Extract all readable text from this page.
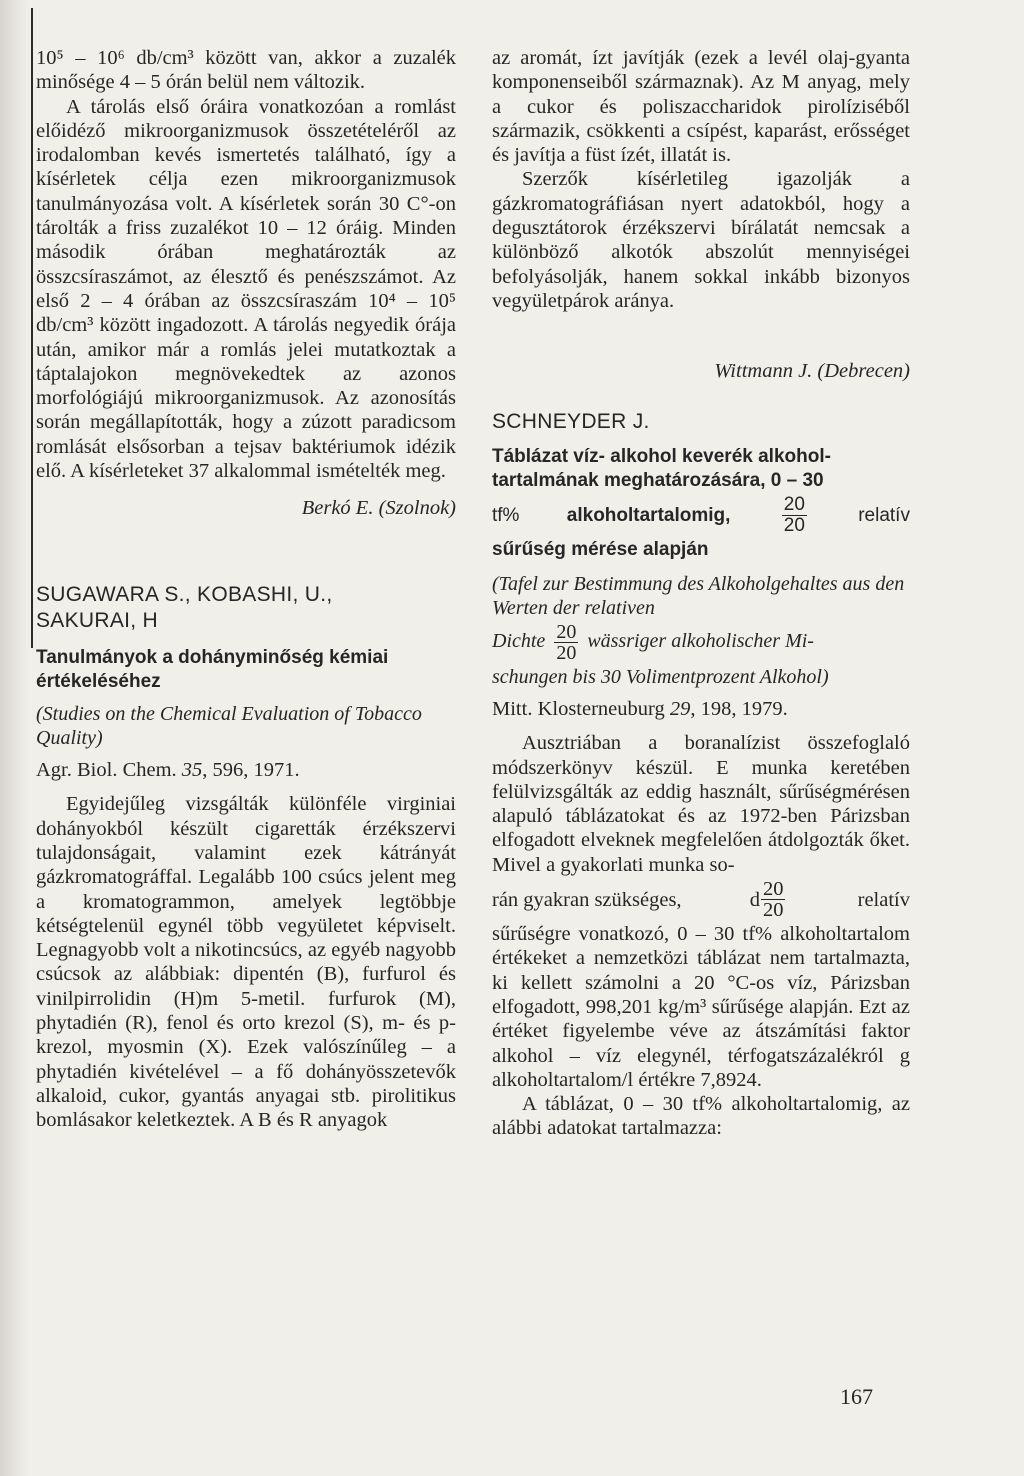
10⁵ – 10⁶ db/cm³ között van, akkor a zuzalék minősége 4 – 5 órán belül nem változik.

A tárolás első óráira vonatkozóan a romlást előidéző mikroorganizmusok összetételéről az irodalomban kevés ismertetés található, így a kísérletek célja ezen mikroorganizmusok tanulmányozása volt. A kísérletek során 30 C°-on tárolták a friss zuzalékot 10 – 12 óráig. Minden második órában meghatározták az összcsíraszámot, az élesztő és penészszámot. Az első 2 – 4 órában az összcsíraszám 10⁴ – 10⁵ db/cm³ között ingadozott. A tárolás negyedik órája után, amikor már a romlás jelei mutatkoztak a táptalajokon megnövekedtek az azonos morfológiájú mikroorganizmusok. Az azonosítás során megállapították, hogy a zúzott paradicsom romlását elsősorban a tejsav baktériumok idézik elő. A kísérleteket 37 alkalommal ismételték meg.

Berkó E. (Szolnok)
SUGAWARA S., KOBASHI, U.,
SAKURAI, H
Tanulmányok a dohányminőség kémiai értékeléséhez
(Studies on the Chemical Evaluation of Tobacco Quality)
Agr. Biol. Chem. 35, 596, 1971.

Egyidejűleg vizsgálták különféle virginiai dohányokból készült cigaretták érzékszervi tulajdonságait, valamint ezek kátrányát gázkromatográffal. Legalább 100 csúcs jelent meg a kromatogrammon, amelyek legtöbbje kétségtelenül egynél több vegyületet képviselt. Legnagyobb volt a nikotincsúcs, az egyéb nagyobb csúcsok az alábbiak: dipentén (B), furfurol és vinilpirrolidin (H)m 5-metil. furfurok (M), phytadién (R), fenol és orto krezol (S), m- és p-krezol, myosmin (X). Ezek valószínűleg – a phytadién kivételével – a fő dohányösszetevők alkaloid, cukor, gyantás anyagai stb. pirolitikus bomlásakor keletkeztek. A B és R anyagok

az aromát, ízt javítják (ezek a levél olaj-gyanta komponenseiből származnak). Az M anyag, mely a cukor és poliszaccharidok pirolíziséből származik, csökkenti a csípést, kaparást, erősséget és javítja a füst ízét, illatát is.

Szerzők kísérletileg igazolják a gázkromatográfiásan nyert adatokból, hogy a degusztátorok érzékszervi bírálatát nemcsak a különböző alkotók abszolút mennyiségei befolyásolják, hanem sokkal inkább bizonyos vegyületpárok aránya.

Wittmann J. (Debrecen)
SCHNEYDER J.
Táblázat víz- alkohol keverék alkohol-
tartalmának meghatározására, 0 – 30
tf% alkoholtartalomig,	$\frac{20}{20}$	relatív
sűrűség mérése alapján
(Tafel zur Bestimmung des Alkoholgehaltes aus den Werten der relativen
Dichte $\frac{20}{20}$ wässriger alkoholischer Mi-
schungen bis 30 Volimentprozent Alkohol)
Mitt. Klosterneuburg 29, 198, 1979.

Ausztriában a boranalízist összefoglaló módszerkönyv készül. E munka keretében felülvizsgálták az eddig használt, sűrűségmérésen alapuló táblázatokat és az 1972-ben Párizsban elfogadott elveknek megfelelően átdolgozták őket. Mivel a gyakorlati munka so-

rán gyakran szükséges,	d $\frac{20}{20}$	relatív

sűrűségre vonatkozó, 0 – 30 tf% alkoholtartalom értékeket a nemzetközi táblázat nem tartalmazta, ki kellett számolni a 20 °C-os víz, Párizsban elfogadott, 998,201 kg/m³ sűrűsége alapján. Ezt az értéket figyelembe véve az átszámítási faktor alkohol – víz elegynél, térfogatszázalékról g alkoholtartalom/l értékre 7,8924.

A táblázat, 0 – 30 tf% alkoholtartalomig, az alábbi adatokat tartalmazza:

167
